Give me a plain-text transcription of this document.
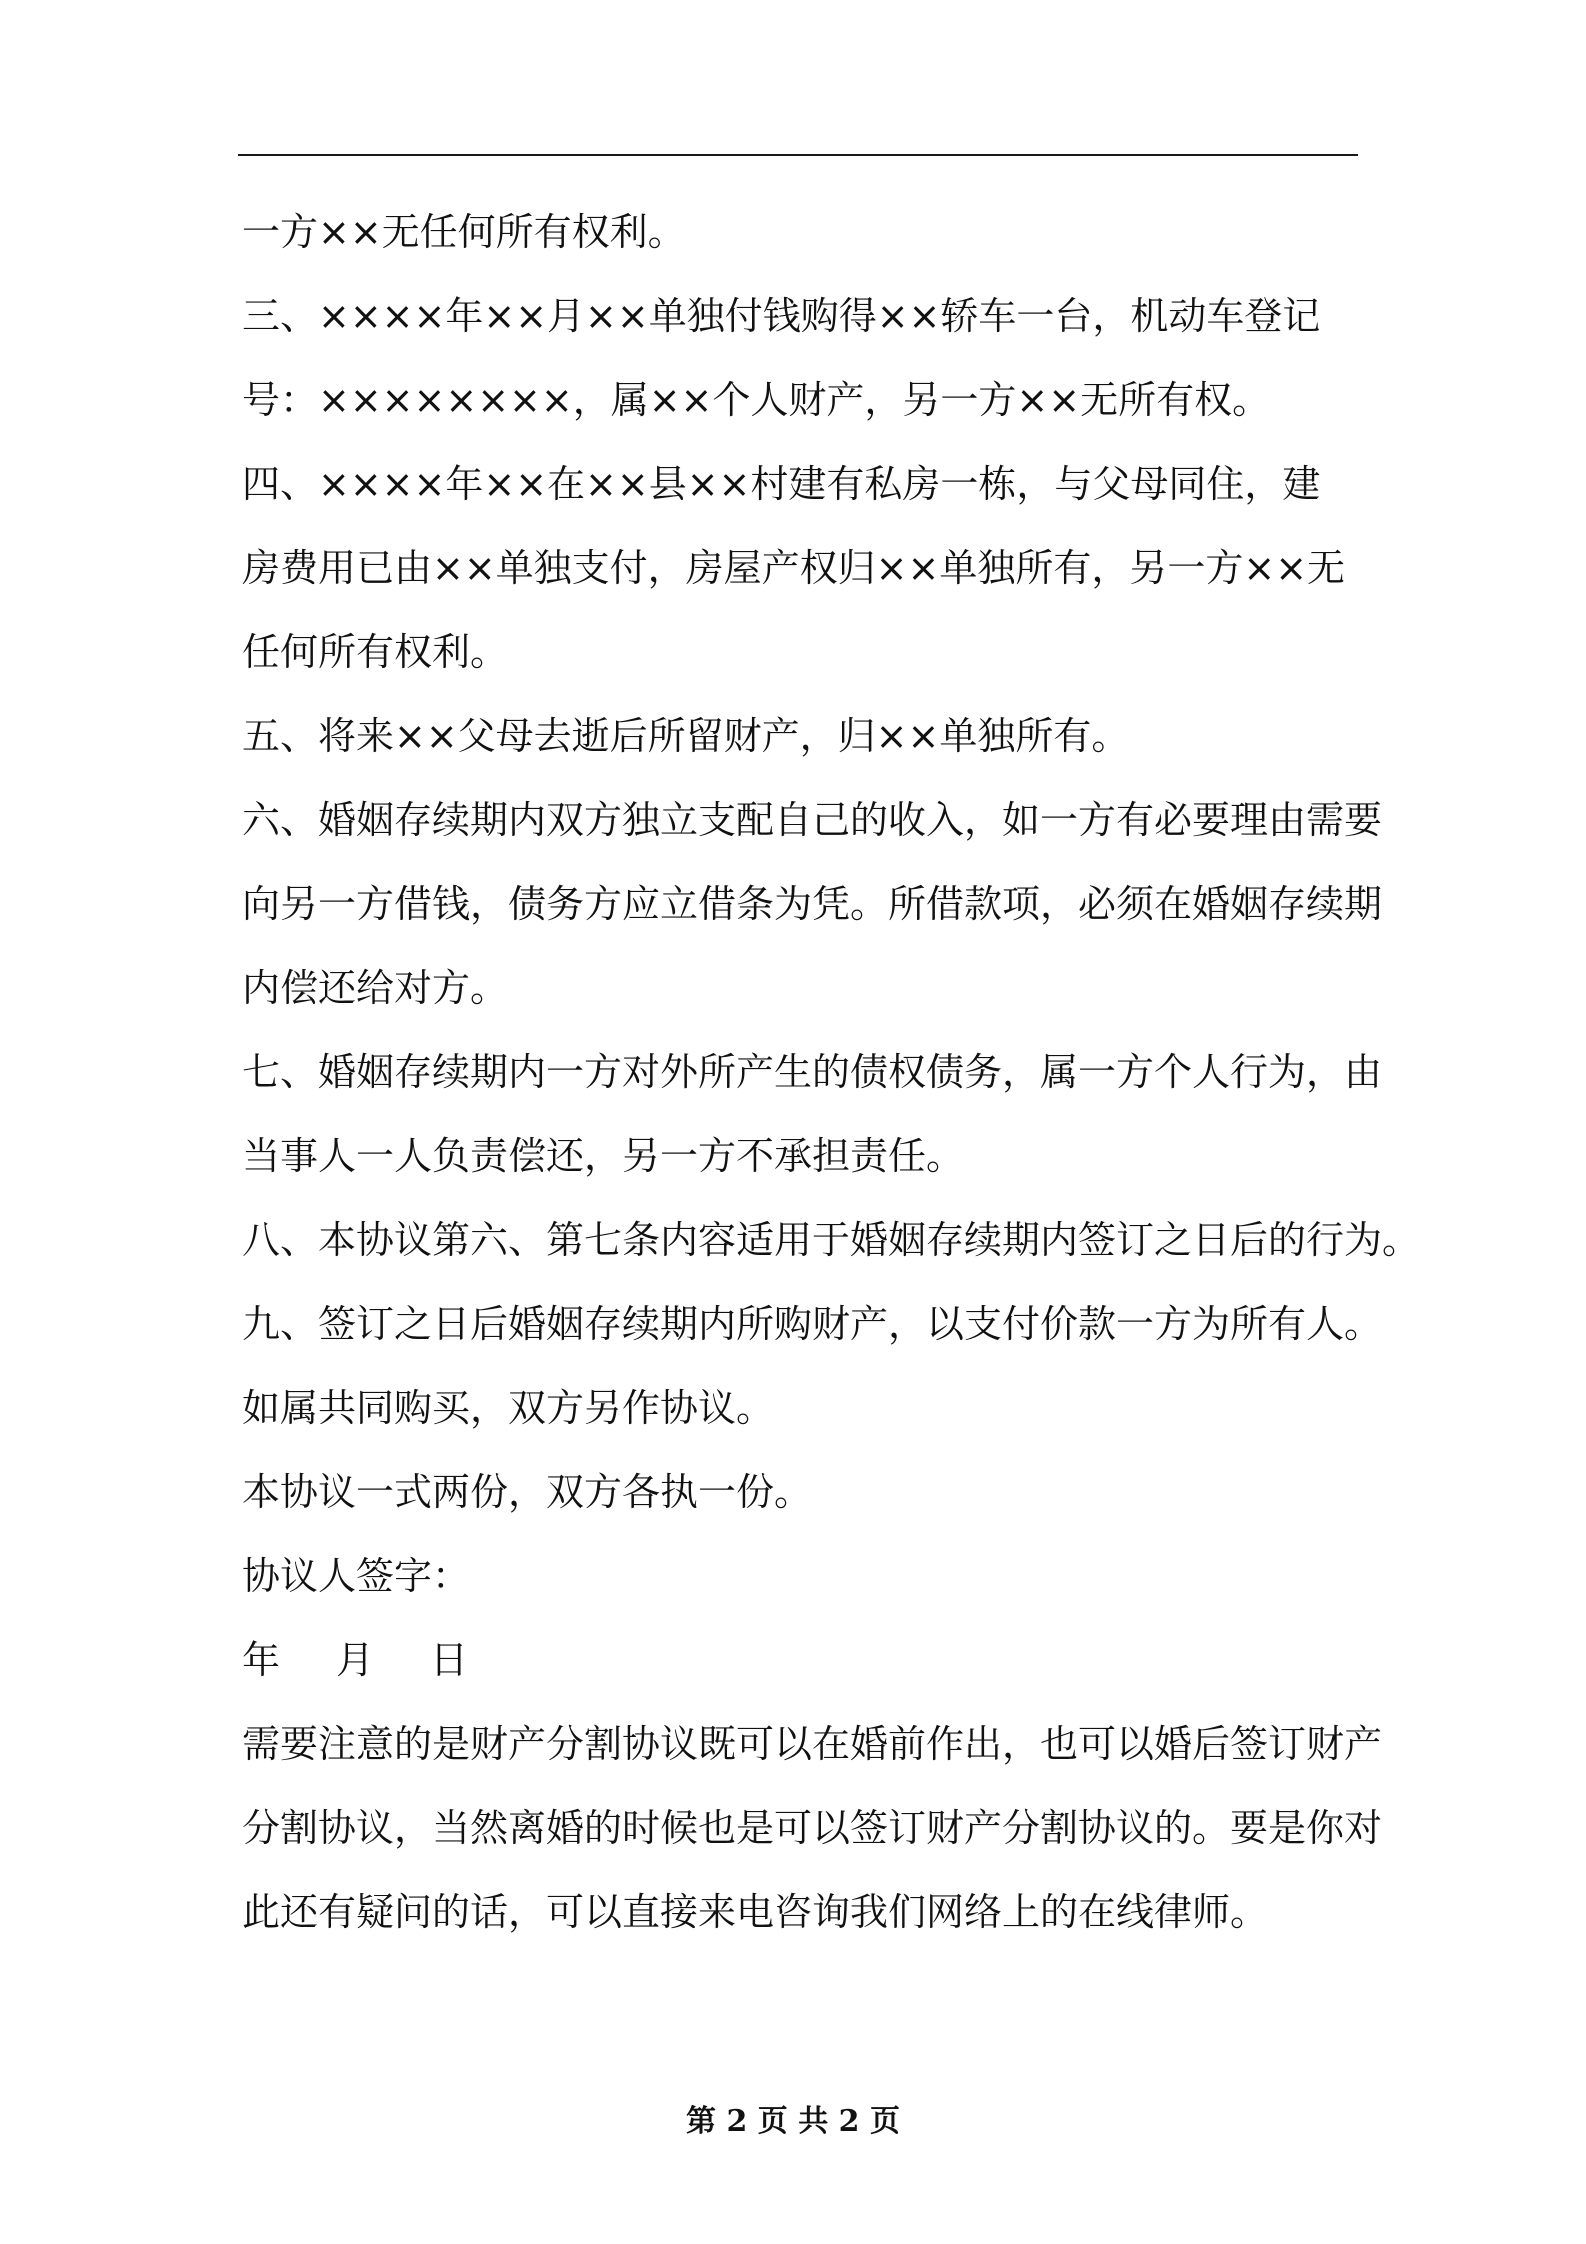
一方××无任何所有权利。

三、××××年××月××单独付钱购得××轿车一台，机动车登记

号：××××××××，属××个人财产，另一方××无所有权。

四、××××年××在××县××村建有私房一栋，与父母同住，建

房费用已由××单独支付，房屋产权归××单独所有，另一方××无

任何所有权利。

五、将来××父母去逝后所留财产，归××单独所有。

六、婚姻存续期内双方独立支配自己的收入，如一方有必要理由需要

向另一方借钱，债务方应立借条为凭。所借款项，必须在婚姻存续期

内偿还给对方。

七、婚姻存续期内一方对外所产生的债权债务，属一方个人行为，由

当事人一人负责偿还，另一方不承担责任。

八、本协议第六、第七条内容适用于婚姻存续期内签订之日后的行为。

九、签订之日后婚姻存续期内所购财产，以支付价款一方为所有人。

如属共同购买，双方另作协议。

本协议一式两份，双方各执一份。

协议人签字：

年 月 日

需要注意的是财产分割协议既可以在婚前作出，也可以婚后签订财产

分割协议，当然离婚的时候也是可以签订财产分割协议的。要是你对

此还有疑问的话，可以直接来电咨询我们网络上的在线律师。

第 2 页 共 2 页
